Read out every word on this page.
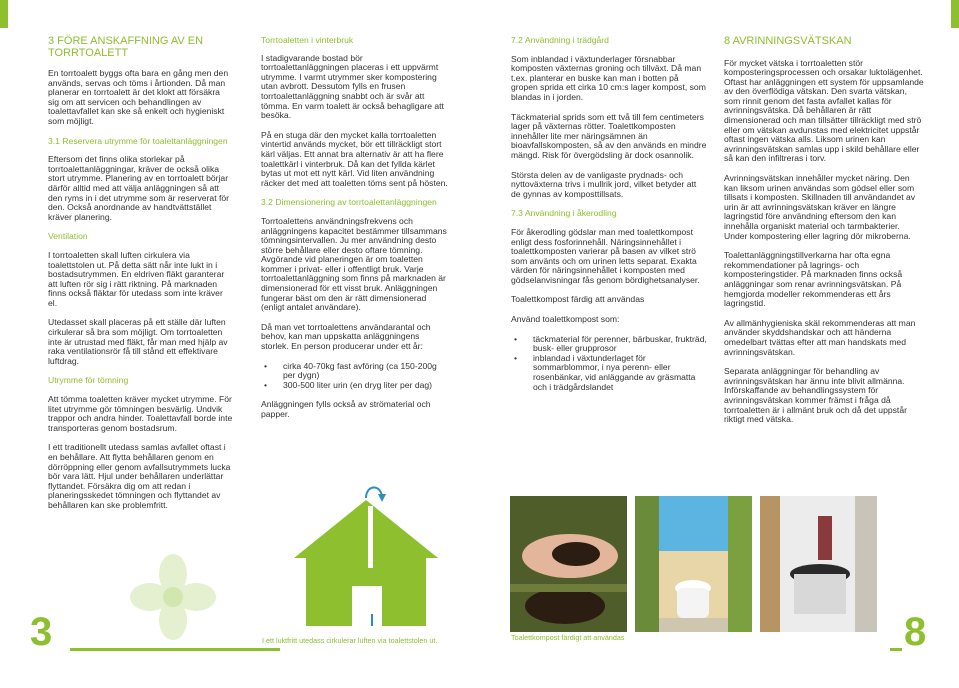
3 FÖRE ANSKAFFNING AV EN TORRTOALETT

En torrtoalett byggs ofta bara en gång men den används, servas och töms i årtionden. Då man planerar en torrtoalett är det klokt att försäkra sig om att servicen och behandlingen av toalettavfallet kan ske så enkelt och hygieniskt som möjligt.

3.1 Reservera utrymme för toalettanläggningen

Eftersom det finns olika storlekar på torrtoalettanläggningar, kräver de också olika stort utrymme. Planering av en torrtoalett börjar därför alltid med att välja anläggningen så att den ryms in i det utrymme som är reserverat för den. Också anordnande av handtvättstället kräver planering.

Ventilation

I torrtoaletten skall luften cirkulera via toalettstolen ut. På detta sätt når inte lukt in i bostadsutrymmen. En eldriven fläkt garanterar att luften rör sig i rätt riktning. På marknaden finns också fläktar för utedass som inte kräver el.

Utedasset skall placeras på ett ställe där luften cirkulerar så bra som möjligt. Om torrtoaletten inte är utrustad med fläkt, får man med hjälp av raka ventilationsrör få till stånd ett effektivare luftdrag.

Utrymme för tömning

Att tömma toaletten kräver mycket utrymme. För litet utrymme gör tömningen besvärlig. Undvik trappor och andra hinder. Toalettavfall borde inte transporteras genom bostadsrum.

I ett traditionellt utedass samlas avfallet oftast i en behållare. Att flytta behållaren genom en dörröppning eller genom avfallsutrymmets lucka bör vara lätt. Hjul under behållaren underlättar flyttandet. Försäkra dig om att redan i planeringsskedet tömningen och flyttandet av behållaren kan ske problemfritt.

Torrtoaletten i vinterbruk

I stadigvarande bostad bör torrtoalettanläggningen placeras i ett uppvärmt utrymme. I varmt utrymmer sker kompostering utan avbrott. Dessutom fylls en frusen torrtoalettanläggning snabbt och är svår att tömma. En varm toalett är också behagligare att besöka.

På en stuga där den mycket kalla torrtoaletten vintertid används mycket, bör ett tillräckligt stort kärl väljas. Ett annat bra alternativ är att ha flere toalettkärl i vinterbruk. Då kan det fyllda kärlet bytas ut mot ett nytt kärl. Vid liten användning räcker det med att toaletten töms sent på hösten.

3.2 Dimensionering av torrtoalettanläggningen

Torrtoalettens användningsfrekvens och anläggningens kapacitet bestämmer tillsammans tömningsintervallen. Ju mer användning desto större behållare eller desto oftare tömning. Avgörande vid planeringen är om toaletten kommer i privat- eller i offentligt bruk. Varje torrtoalettanläggning som finns på marknaden är dimensionerad för ett visst bruk. Anläggningen fungerar bäst om den är rätt dimensionerad (enligt antalet användare).

Då man vet torrtoalettens användarantal och behov, kan man uppskatta anläggningens storlek. En person producerar under ett år:

• cirka 40-70kg fast avföring (ca 150-200g per dygn)
• 300-500 liter urin (en dryg liter per dag)

Anläggningen fylls också av strömaterial och papper.

I ett luktfritt utedass cirkulerar luften via toalettstolen ut.
7.2 Användning i trädgård

Som inblandad i växtunderlager försnabbar komposten växternas groning och tillväxt. Då man t.ex. planterar en buske kan man i botten på gropen sprida ett cirka 10 cm:s lager kompost, som blandas in i jorden.

Täckmaterial sprids som ett två till fem centimeters lager på växternas rötter. Toalettkomposten innehåller lite mer näringsämnen än bioavfallskomposten, så av den används en mindre mängd. Risk för övergödsling är dock osannolik.

Största delen av de vanligaste prydnads- och nyttoväxterna trivs i mullrik jord, vilket betyder att de gynnas av komposttillsats.

7.3 Användning i åkerodling

För åkerodling gödslar man med toalettkompost enligt dess fosforinnehåll. Näringsinnehållet i toalettkomposten varierar på basen av vilket strö som använts och om urinen letts separat. Exakta värden för näringsinnehållet i komposten med gödselanvisningar fås genom bördighetsanalyser.

Toalettkompost färdig att användas

Använd toalettkompost som:

• täckmaterial för perenner, bärbuskar, frukträd, busk- eller grupprosor
• inblandad i växtunderlaget för sommarblommor, i nya perenn- eller rosenbänkar, vid anläggande av gräsmatta och i trädgårdslandet
Toalettkompost färdigt att användas
8 AVRINNINGSVÄTSKAN

För mycket vätska i torrtoaletten stör komposteringsprocessen och orsakar luktolägenhet. Oftast har anläggningen ett system för uppsamlande av den överflödiga vätskan. Den svarta vätskan, som rinnit genom det fasta avfallet kallas för avrinningsvätska. Då behållaren är rätt dimensionerad och man tillsätter tillräckligt med strö eller om vätskan avdunstas med elektricitet uppstår oftast ingen vätska alls. Liksom urinen kan avrinningsvätskan samlas upp i skild behållare eller så kan den infiltreras i torv.

Avrinningsvätskan innehåller mycket näring. Den kan liksom urinen användas som gödsel eller som tillsats i komposten. Skillnaden till användandet av urin är att avrinningsvätskan kräver en längre lagringstid före användning eftersom den kan innehålla organiskt material och tarmbakterier. Under kompostering eller lagring dör mikroberna.

Toalettanläggningstillverkarna har ofta egna rekommendationer på lagrings- och komposteringstider. På marknaden finns också anläggningar som renar avrinningsvätskan. På hemgjorda modeller rekommenderas ett års lagringstid.

Av allmänhygieniska skäl rekommenderas att man använder skyddshandskar och att händerna omedelbart tvättas efter att man handskats med avrinningsvätskan.

Separata anläggningar för behandling av avrinningsvätskan har ännu inte blivit allmänna. Införskaffande av behandlingssystem för avrinningsvätskan kommer främst i fråga då torrtoaletten är i allmänt bruk och då det uppstår riktigt med vätska.

3	8
